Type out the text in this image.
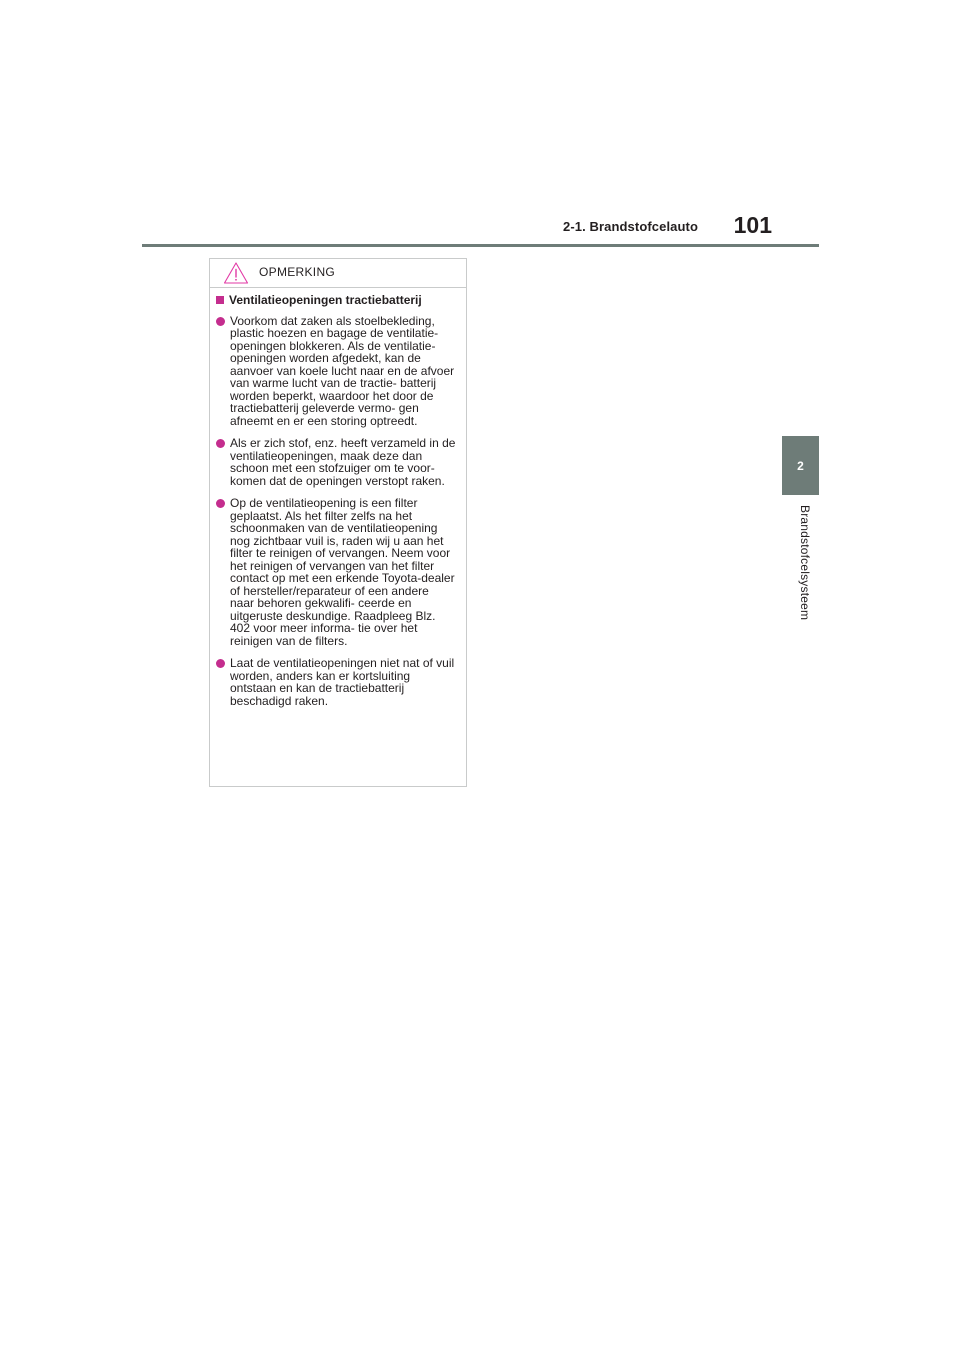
2-1. Brandstofcelauto 101
2
Brandstofcelsysteem
OPMERKING
Ventilatieopeningen tractiebatterij
Voorkom dat zaken als stoelbekleding, plastic hoezen en bagage de ventilatie- openingen blokkeren. Als de ventilatie- openingen worden afgedekt, kan de aanvoer van koele lucht naar en de afvoer van warme lucht van de tractie- batterij worden beperkt, waardoor het door de tractiebatterij geleverde vermo- gen afneemt en er een storing optreedt.
Als er zich stof, enz. heeft verzameld in de ventilatieopeningen, maak deze dan schoon met een stofzuiger om te voor- komen dat de openingen verstopt raken.
Op de ventilatieopening is een filter geplaatst. Als het filter zelfs na het schoonmaken van de ventilatieopening nog zichtbaar vuil is, raden wij u aan het filter te reinigen of vervangen. Neem voor het reinigen of vervangen van het filter contact op met een erkende Toyota-dealer of hersteller/reparateur of een andere naar behoren gekwalifi- ceerde en uitgeruste deskundige. Raadpleeg Blz. 402 voor meer informa- tie over het reinigen van de filters.
Laat de ventilatieopeningen niet nat of vuil worden, anders kan er kortsluiting ontstaan en kan de tractiebatterij beschadigd raken.
